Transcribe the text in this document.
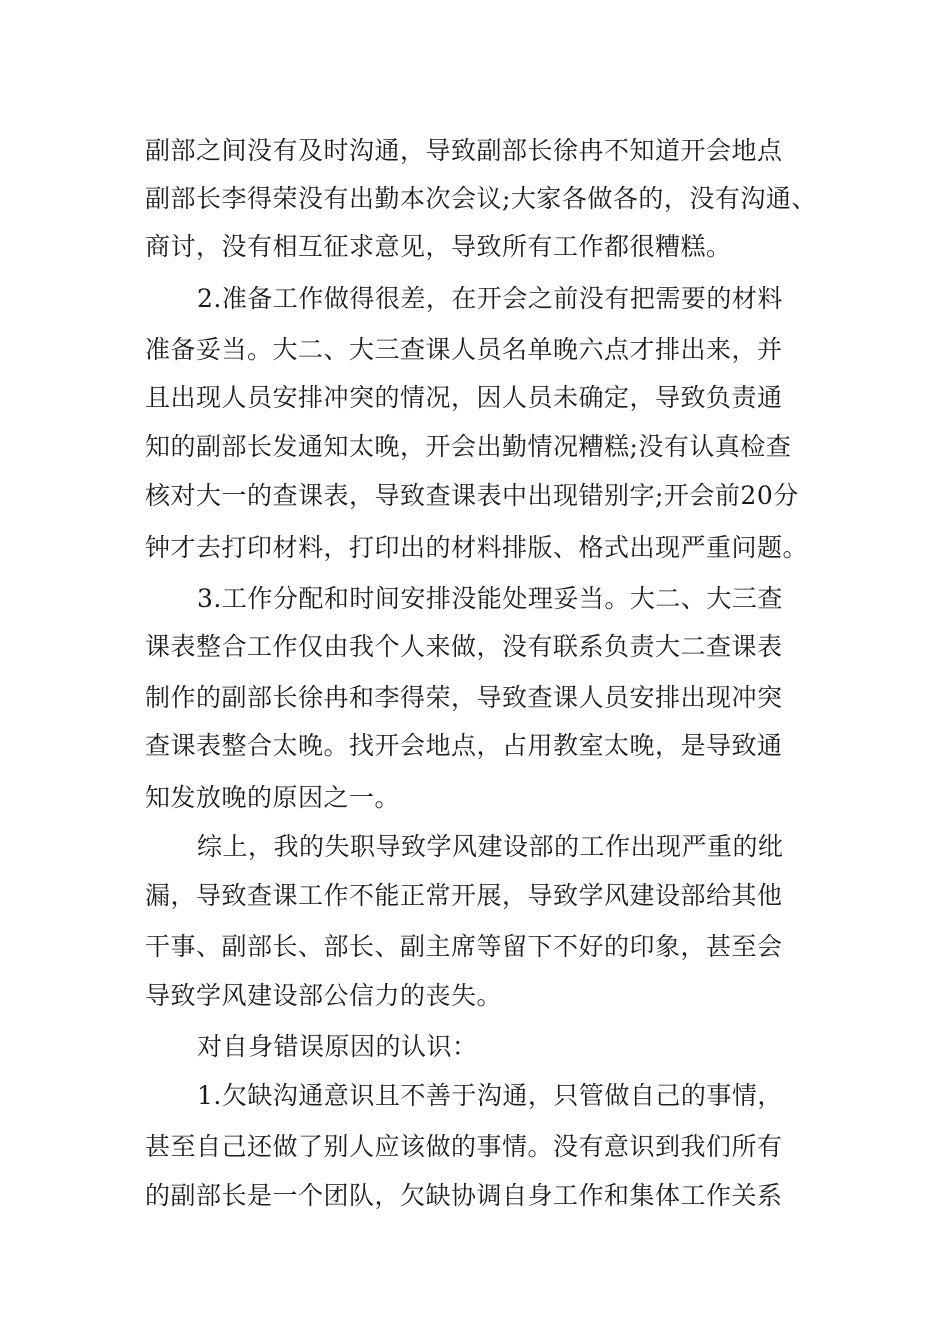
副部之间没有及时沟通，导致副部长徐冉不知道开会地点
副部长李得荣没有出勤本次会议;大家各做各的，没有沟通、
商讨，没有相互征求意见，导致所有工作都很糟糕。
2.准备工作做得很差，在开会之前没有把需要的材料
准备妥当。大二、大三查课人员名单晚六点才排出来，并
且出现人员安排冲突的情况，因人员未确定，导致负责通
知的副部长发通知太晚，开会出勤情况糟糕;没有认真检查
核对大一的查课表，导致查课表中出现错别字;开会前20分
钟才去打印材料，打印出的材料排版、格式出现严重问题。
3.工作分配和时间安排没能处理妥当。大二、大三查
课表整合工作仅由我个人来做，没有联系负责大二查课表
制作的副部长徐冉和李得荣，导致查课人员安排出现冲突
查课表整合太晚。找开会地点，占用教室太晚，是导致通
知发放晚的原因之一。
综上，我的失职导致学风建设部的工作出现严重的纰
漏，导致查课工作不能正常开展，导致学风建设部给其他
干事、副部长、部长、副主席等留下不好的印象，甚至会
导致学风建设部公信力的丧失。
对自身错误原因的认识：
1.欠缺沟通意识且不善于沟通，只管做自己的事情，
甚至自己还做了别人应该做的事情。没有意识到我们所有
的副部长是一个团队，欠缺协调自身工作和集体工作关系
